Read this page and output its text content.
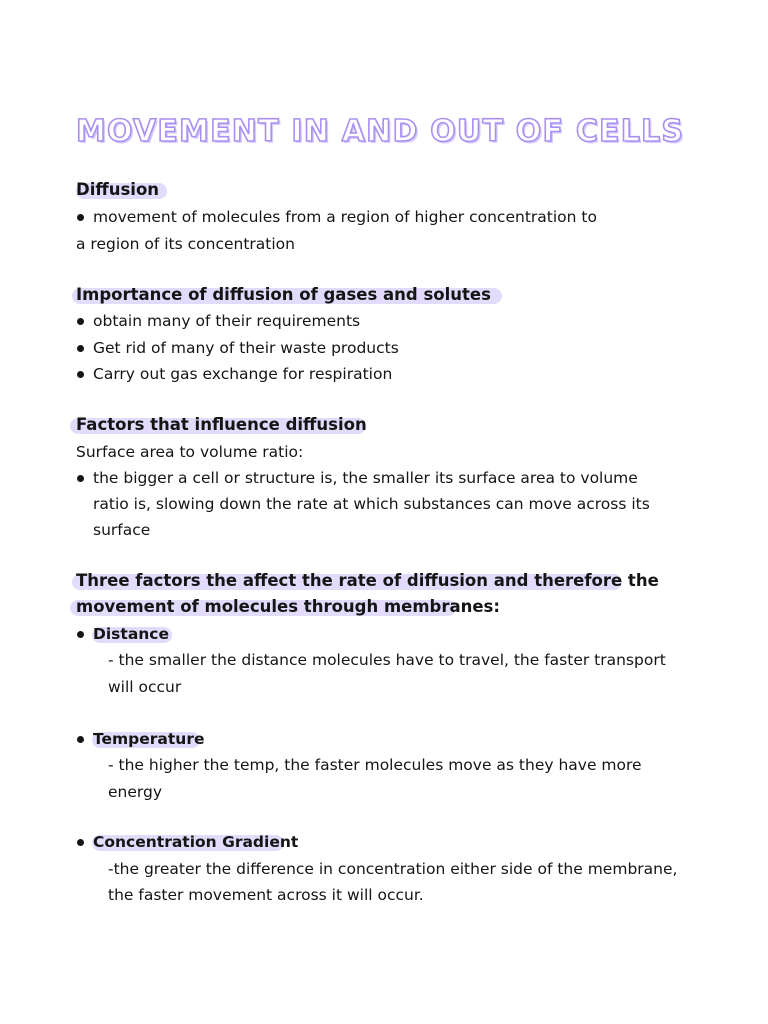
MOVEMENT IN AND OUT OF CELLS
Diffusion
movement of molecules from a region of higher concentration to
a region of its concentration
Importance of diffusion of gases and solutes
obtain many of their requirements
Get rid of many of their waste products
Carry out gas exchange for respiration
Factors that influence diffusion
Surface area to volume ratio:
the bigger a cell or structure is, the smaller its surface area to volume
ratio is, slowing down the rate at which substances can move across its
surface
Three factors the affect the rate of diffusion and therefore the
movement of molecules through membranes:
Distance
- the smaller the distance molecules have to travel, the faster transport
will occur
Temperature
- the higher the temp, the faster molecules move as they have more
energy
Concentration Gradient
-the greater the difference in concentration either side of the membrane,
the faster movement across it will occur.
